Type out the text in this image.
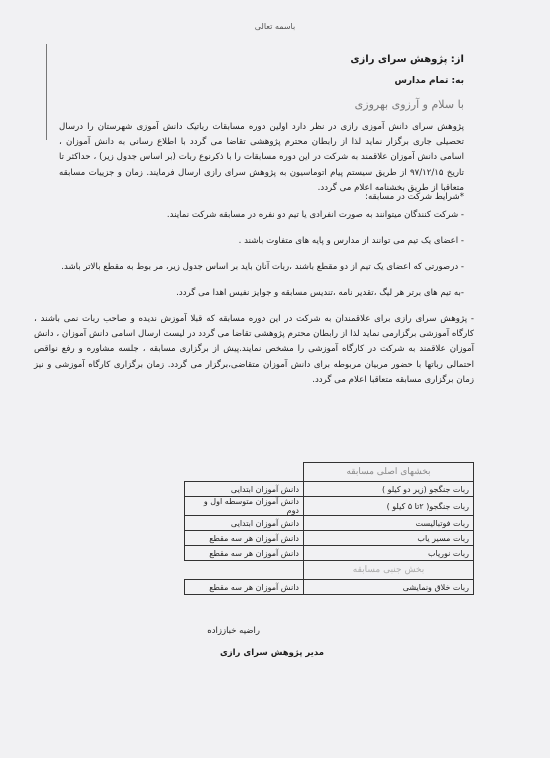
باسمه تعالی
از: پژوهش سرای رازی
به: تمام مدارس
با سلام و آرزوی بهروزی

پژوهش سرای دانش آموزی رازی در نظر دارد اولین دوره مسابقات رباتیک دانش آموزی شهرستان را درسال تحصیلی جاری برگزار نماید لذا از رابطان محترم پژوهشی تقاضا می گردد با اطلاع رسانی به دانش آموزان ، اسامی دانش آموزان علاقمند به شرکت در این دوره مسابقات را با ذکرنوع ربات (بر اساس جدول زیر) ، حداکثر تا تاریخ ۹۷/۱۲/۱۵ از طریق سیستم پیام اتوماسیون به پژوهش سرای رازی ارسال فرمایند. زمان و جزییات مسابقه متعاقبا از طریق بخشنامه اعلام می گردد.

*شرایط شرکت در مسابقه:

- شرکت کنندگان میتوانند به صورت انفرادی یا تیم دو نفره در مسابقه شرکت نمایند.

- اعضای یک تیم می توانند از مدارس و پایه های متفاوت باشند .

- درصورتی که اعضای یک تیم از دو مقطع باشند ،ربات آنان باید بر اساس جدول زیر، مر بوط به مقطع بالاتر باشد.

-به تیم های برتر هر لیگ ،تقدیر نامه ،تندیس مسابقه و جوایز نفیس اهدا می گردد.

- پژوهش سرای رازی برای علاقمندان به شرکت در این دوره مسابقه که قبلا آموزش ندیده و صاحب ربات نمی باشند ، کارگاه آموزشی برگزارمی نماید لذا از رابطان محترم پژوهشی تقاضا می گردد در لیست ارسال اسامی دانش آموزان ، دانش آموزان علاقمند به شرکت در کارگاه آموزشی را مشخص نمایند.پیش از برگزاری مسابقه ، جلسه مشاوره و رفع نواقص احتمالی رباتها با حضور مربیان مربوطه برای دانش آموزان متقاضی،برگزار می گردد. زمان برگزاری کارگاه آموزشی و نیز زمان برگزاری مسابقه متعاقبا اعلام می گردد.

بخشهای اصلی مسابقه	
ربات جنگجو (زیر دو کیلو )	دانش آموزان ابتدایی
ربات جنگجو( ۲تا ۵ کیلو )	دانش آموزان متوسطه اول و دوم
ربات فوتبالیست	دانش آموزان ابتدایی
ربات مسیر یاب	دانش آموزان هر سه مقطع
ربات نوریاب	دانش آموزان هر سه مقطع
بخش جنبی مسابقه	
ربات خلاق ونمایشی	دانش آموزان هر سه مقطع
راضیه خباززاده
مدیر پژوهش سرای رازی
